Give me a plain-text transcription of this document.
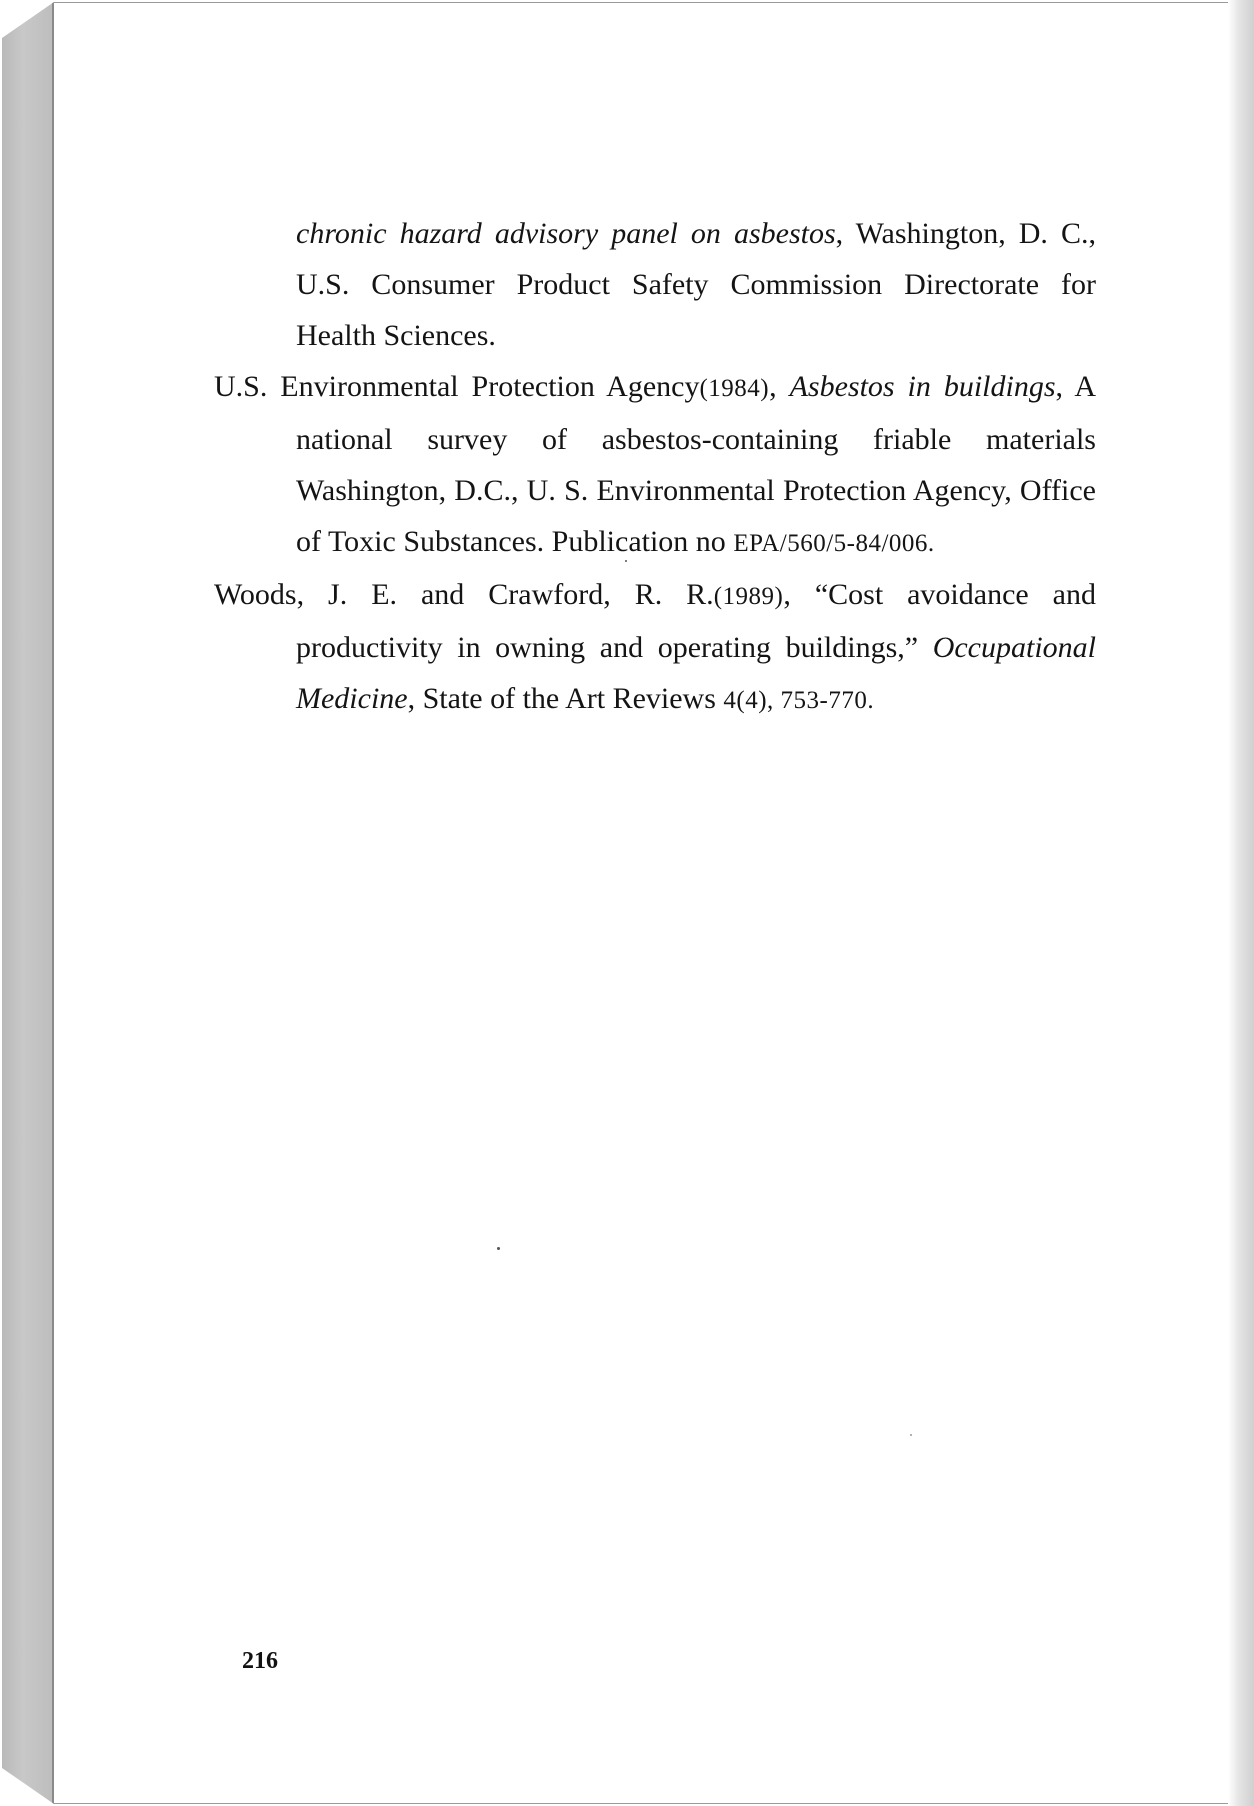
chronic hazard advisory panel on asbestos, Washington, D. C., U.S. Consumer Product Safety Commission Directorate for Health Sciences.

U.S. Environmental Protection Agency(1984), Asbestos in buildings, A national survey of asbestos-containing friable materials Washington, D.C., U. S. Environmental Protection Agency, Office of Toxic Substances. Publication no EPA/560/5-84/006.

Woods, J. E. and Crawford, R. R.(1989), “Cost avoidance and productivity in owning and operating buildings,” Occupational Medicine, State of the Art Reviews 4(4), 753-770.

216
